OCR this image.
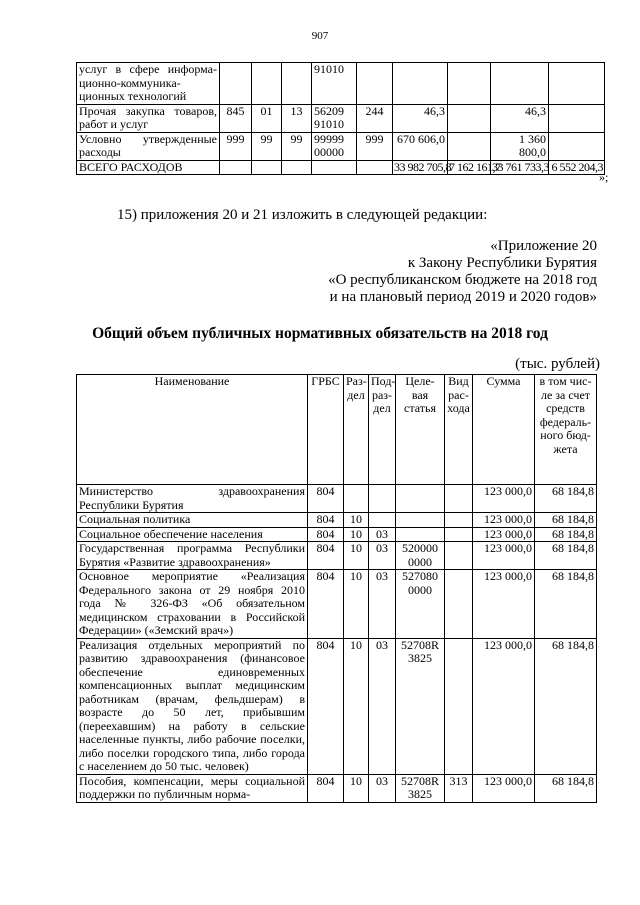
907
услуг в сфере информа-ционно-коммуника-ционных технологий				91010					
Прочая закупка товаров, работ и услуг	845	01	13	56209 91010	244	46,3		46,3	
Условно утвержденные расходы	999	99	99	99999 00000	999	670 606,0		1 360 800,0	
ВСЕГО РАСХОДОВ						33 982 705,8	7 162 161,7	33 761 733,3	6 552 204,3
»;
15) приложения 20 и 21 изложить в следующей редакции:
«Приложение 20
к Закону Республики Бурятия
«О республиканском бюджете на 2018 год
и на плановый период 2019 и 2020 годов»
Общий объем публичных нормативных обязательств на 2018 год
(тыс. рублей)
Наименование	ГРБС	Раз-дел	Под-раз-дел	Целе-вая статья	Вид рас-хода	Сумма	в том чис-ле за счет средств федераль-ного бюд-жета
Министерство здравоохранения Республики Бурятия	804					123 000,0	68 184,8
Социальная политика	804	10				123 000,0	68 184,8
Социальное обеспечение населения	804	10	03			123 000,0	68 184,8
Государственная программа Республики Бурятия «Развитие здравоохранения»	804	10	03	520000 0000		123 000,0	68 184,8
Основное мероприятие «Реализация Федерального закона от 29 ноября 2010 года № 326-ФЗ «Об обязательном медицинском страховании в Российской Федерации» («Земский врач»)	804	10	03	527080 0000		123 000,0	68 184,8
Реализация отдельных мероприятий по развитию здравоохранения (финансовое обеспечение единовременных компенсационных выплат медицинским работникам (врачам, фельдшерам) в возрасте до 50 лет, прибывшим (переехавшим) на работу в сельские населенные пункты, либо рабочие поселки, либо поселки городского типа, либо города с населением до 50 тыс. человек)	804	10	03	52708R 3825		123 000,0	68 184,8
Пособия, компенсации, меры социальной поддержки по публичным норма-	804	10	03	52708R 3825	313	123 000,0	68 184,8
